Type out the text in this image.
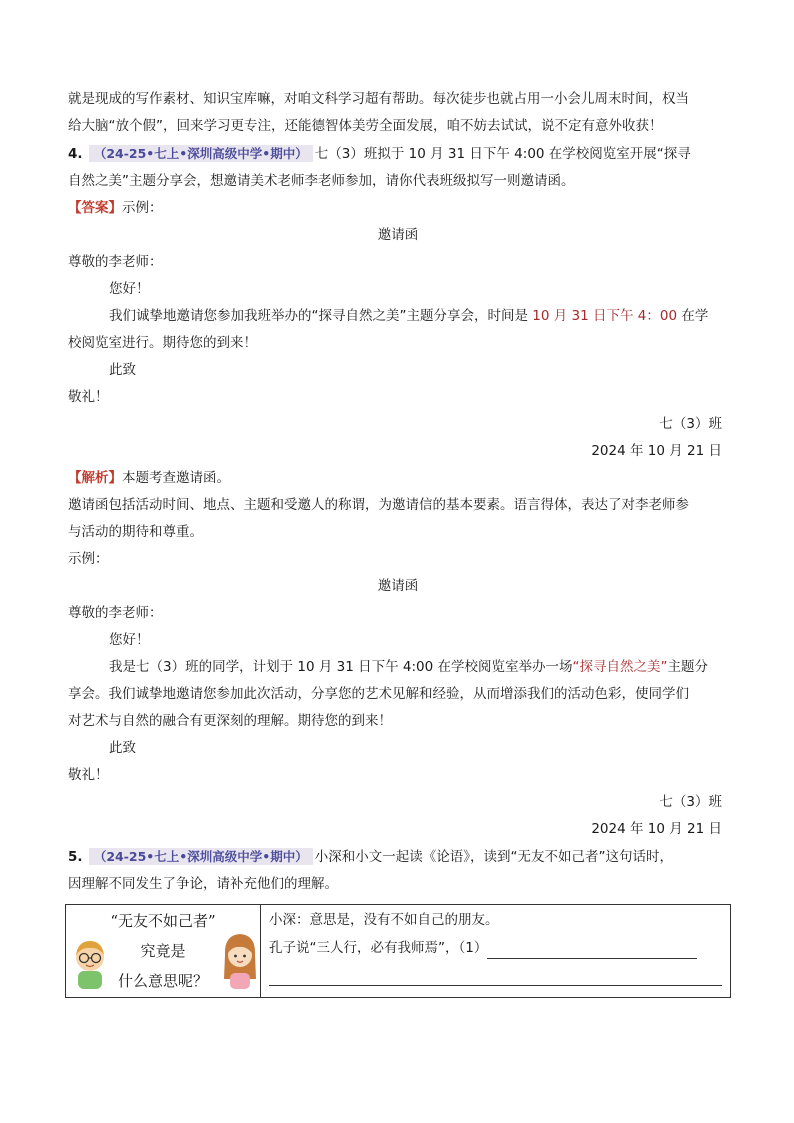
就是现成的写作素材、知识宝库嘛，对咱文科学习超有帮助。每次徒步也就占用一小会儿周末时间，权当

给大脑“放个假”，回来学习更专注，还能德智体美劳全面发展，咱不妨去试试，说不定有意外收获！

4. （24-25•七上•深圳高级中学•期中） 七（3）班拟于 10 月 31 日下午 4:00 在学校阅览室开展“探寻

自然之美”主题分享会，想邀请美术老师李老师参加，请你代表班级拟写一则邀请函。

【答案】示例：

邀请函

尊敬的李老师：

您好！

我们诚挚地邀请您参加我班举办的“探寻自然之美”主题分享会，时间是 10 月 31 日下午 4：00 在学

校阅览室进行。期待您的到来！

此致

敬礼！

七（3）班

2024 年 10 月 21 日

【解析】本题考查邀请函。

邀请函包括活动时间、地点、主题和受邀人的称谓，为邀请信的基本要素。语言得体，表达了对李老师参

与活动的期待和尊重。

示例：

邀请函

尊敬的李老师：

您好！

我是七（3）班的同学，计划于 10 月 31 日下午 4:00 在学校阅览室举办一场“探寻自然之美”主题分

享会。我们诚挚地邀请您参加此次活动，分享您的艺术见解和经验，从而增添我们的活动色彩，使同学们

对艺术与自然的融合有更深刻的理解。期待您的到来！

此致

敬礼！

七（3）班

2024 年 10 月 21 日

5. （24-25•七上•深圳高级中学•期中） 小深和小文一起读《论语》，读到“无友不如己者”这句话时，

因理解不同发生了争论，请补充他们的理解。

“无友不如己者”
究竟是
什么意思呢？

小深：意思是，没有不如自己的朋友。
孔子说“三人行，必有我师焉”，（1）
